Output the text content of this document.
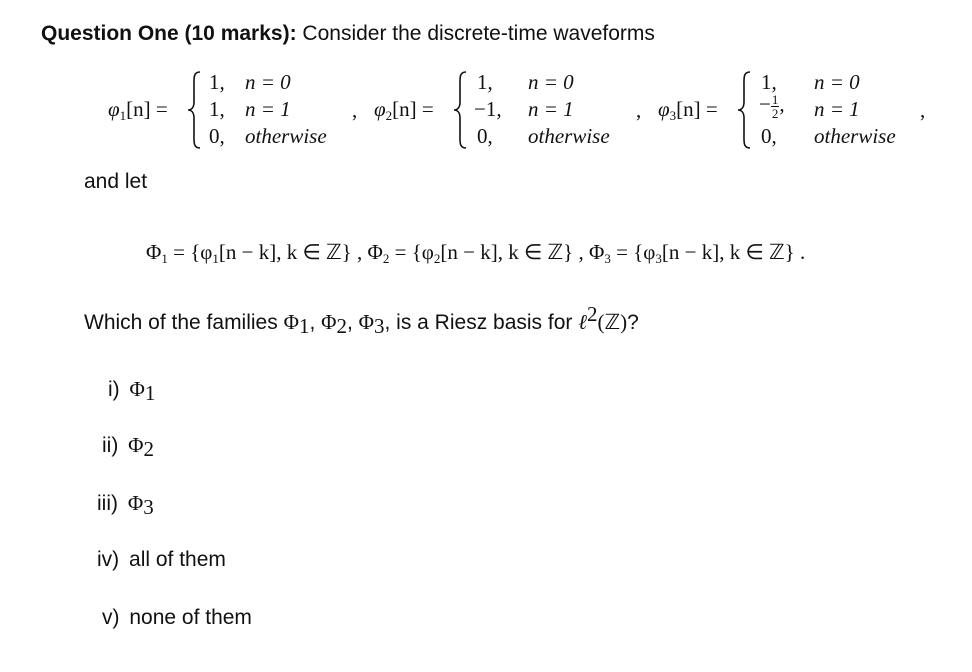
Question One (10 marks): Consider the discrete-time waveforms
$\varphi_1[n]$ =
1, n = 0
1, n = 1
0, otherwise
, $\varphi_2[n]$ =
1, n = 0
−1, n = 1
0, otherwise
, $\varphi_3[n]$ =
1, n = 0
− $\frac{1}{2}$ , n = 1
0, otherwise
,
and let
$\Phi_1 = \{\varphi_1[n - k]$, k ∈ ℤ} , $\Phi_2 = \{\varphi_2[n - k]$, k ∈ ℤ} , $\Phi_3 = \{\varphi_3[n - k]$, k ∈ ℤ} .
Which of the families $\Phi_1$, $\Phi_2$, $\Phi_3$, is a Riesz basis for ℓ$^2$(ℤ)?
i) $\Phi_1$
ii) $\Phi_2$
iii) $\Phi_3$
iv) all of them
v) none of them
